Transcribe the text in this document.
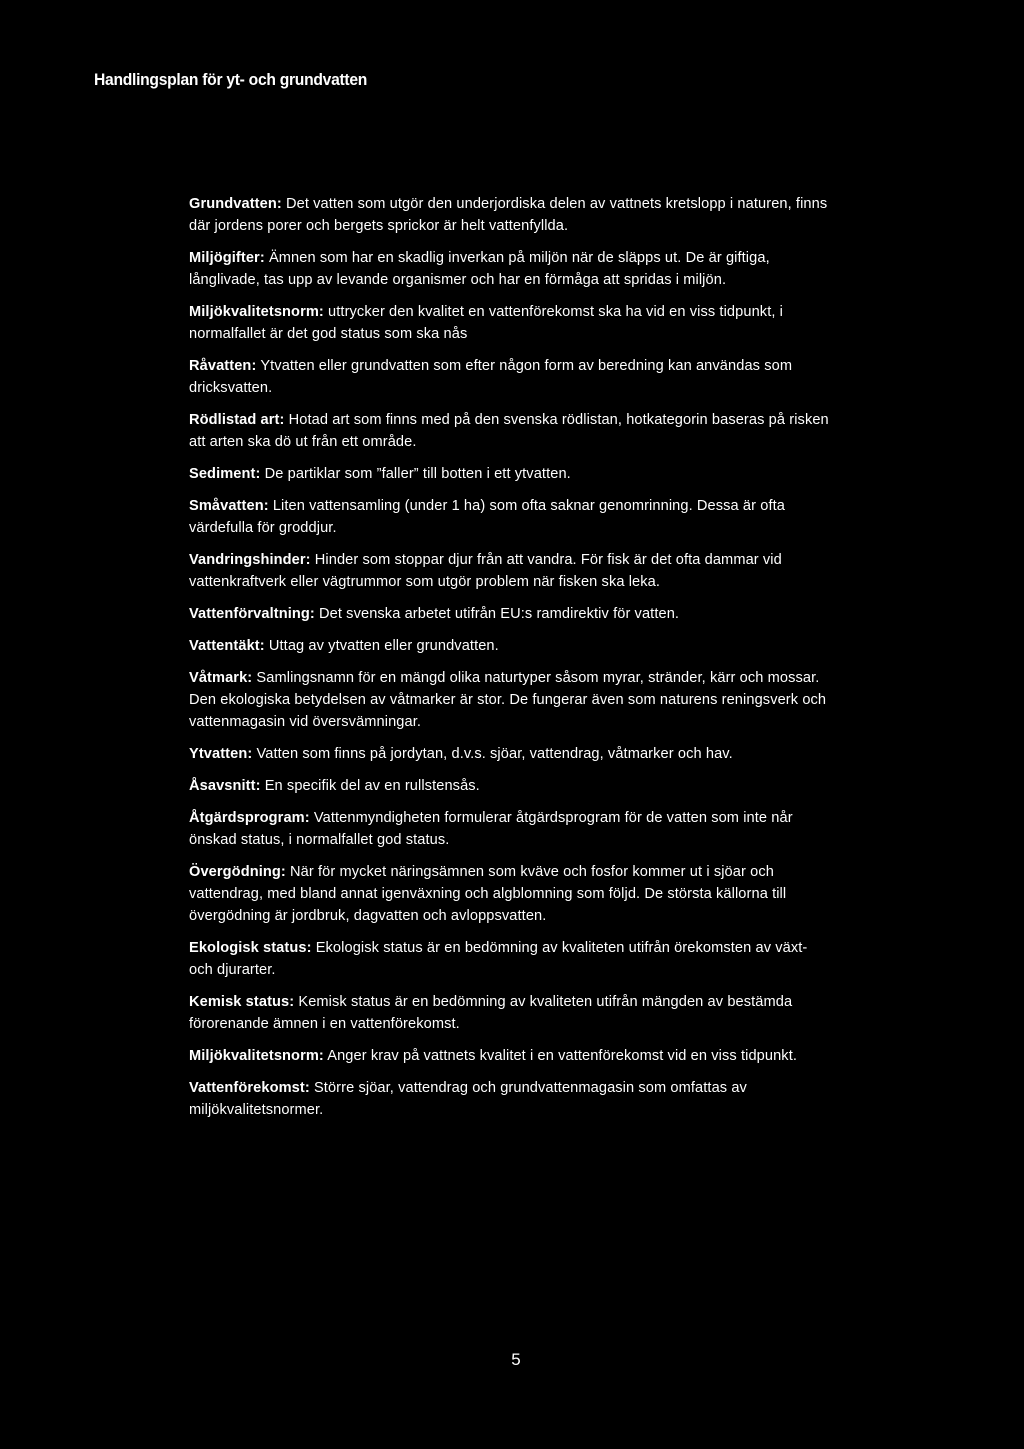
Handlingsplan för yt- och grundvatten
Grundvatten: Det vatten som utgör den underjordiska delen av vattnets kretslopp i naturen, finns där jordens porer och bergets sprickor är helt vattenfyllda.
Miljögifter: Ämnen som har en skadlig inverkan på miljön när de släpps ut. De är giftiga, långlivade, tas upp av levande organismer och har en förmåga att spridas i miljön.
Miljökvalitetsnorm: uttrycker den kvalitet en vattenförekomst ska ha vid en viss tidpunkt, i normalfallet är det god status som ska nås
Råvatten: Ytvatten eller grundvatten som efter någon form av beredning kan användas som dricksvatten.
Rödlistad art: Hotad art som finns med på den svenska rödlistan, hotkategorin baseras på risken att arten ska dö ut från ett område.
Sediment: De partiklar som ”faller” till botten i ett ytvatten.
Småvatten: Liten vattensamling (under 1 ha) som ofta saknar genomrinning. Dessa är ofta värdefulla för groddjur.
Vandringshinder: Hinder som stoppar djur från att vandra. För fisk är det ofta dammar vid vattenkraftverk eller vägtrummor som utgör problem när fisken ska leka.
Vattenförvaltning: Det svenska arbetet utifrån EU:s ramdirektiv för vatten.
Vattentäkt: Uttag av ytvatten eller grundvatten.
Våtmark: Samlingsnamn för en mängd olika naturtyper såsom myrar, stränder, kärr och mossar. Den ekologiska betydelsen av våtmarker är stor. De fungerar även som naturens reningsverk och vattenmagasin vid översvämningar.
Ytvatten: Vatten som finns på jordytan, d.v.s. sjöar, vattendrag, våtmarker och hav.
Åsavsnitt: En specifik del av en rullstensås.
Åtgärdsprogram: Vattenmyndigheten formulerar åtgärdsprogram för de vatten som inte når önskad status, i normalfallet god status.
Övergödning: När för mycket näringsämnen som kväve och fosfor kommer ut i sjöar och vattendrag, med bland annat igenväxning och algblomning som följd. De största källorna till övergödning är jordbruk, dagvatten och avloppsvatten.
Ekologisk status: Ekologisk status är en bedömning av kvaliteten utifrån örekomsten av växt- och djurarter.
Kemisk status: Kemisk status är en bedömning av kvaliteten utifrån mängden av bestämda förorenande ämnen i en vattenförekomst.
Miljökvalitetsnorm: Anger krav på vattnets kvalitet i en vattenförekomst vid en viss tidpunkt.
Vattenförekomst: Större sjöar, vattendrag och grundvattenmagasin som omfattas av miljökvalitetsnormer.

5
